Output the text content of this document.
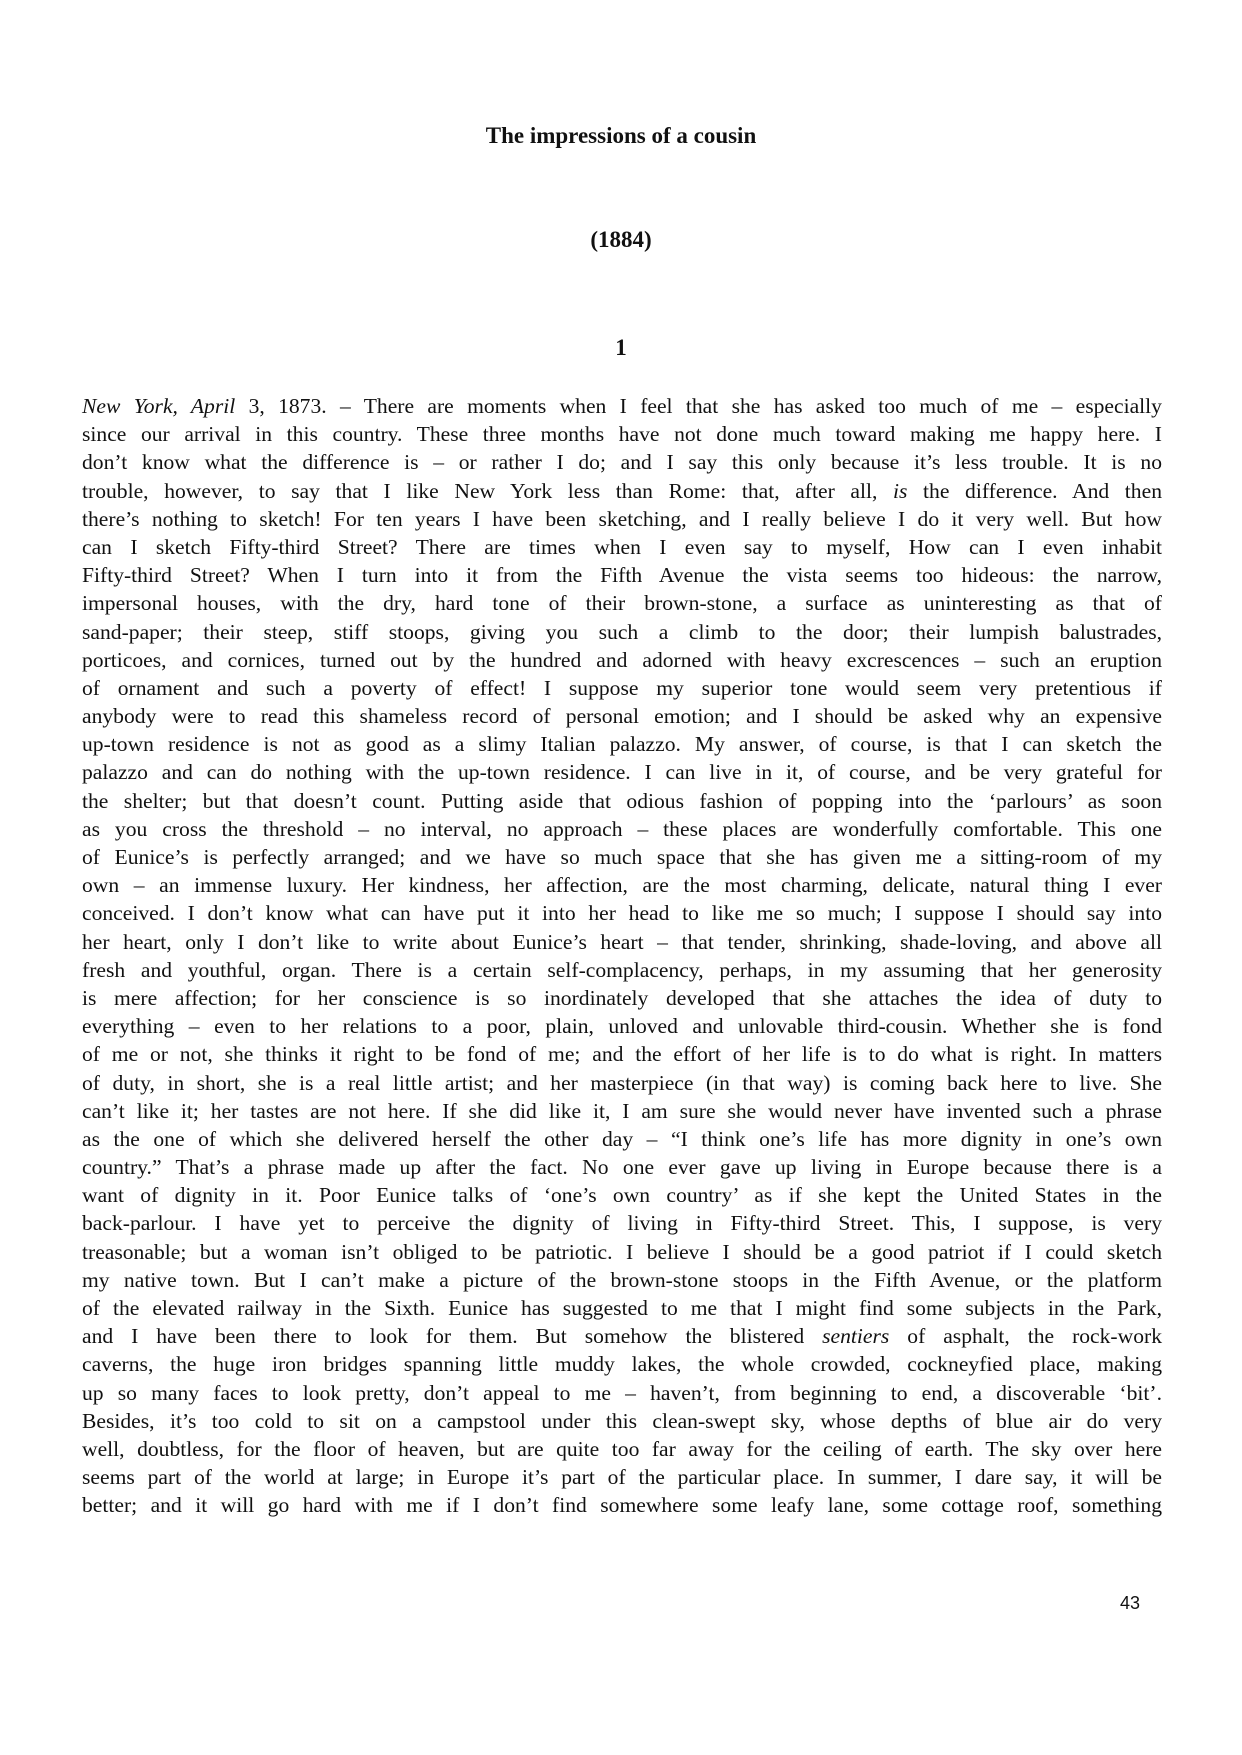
The impressions of a cousin
(1884)
1
New York, April 3, 1873. – There are moments when I feel that she has asked too much of me – especially
since our arrival in this country. These three months have not done much toward making me happy here. I
don’t know what the difference is – or rather I do; and I say this only because it’s less trouble. It is no
trouble, however, to say that I like New York less than Rome: that, after all, is the difference. And then
there’s nothing to sketch! For ten years I have been sketching, and I really believe I do it very well. But how
can I sketch Fifty-third Street? There are times when I even say to myself, How can I even inhabit
Fifty-third Street? When I turn into it from the Fifth Avenue the vista seems too hideous: the narrow,
impersonal houses, with the dry, hard tone of their brown-stone, a surface as uninteresting as that of
sand-paper; their steep, stiff stoops, giving you such a climb to the door; their lumpish balustrades,
porticoes, and cornices, turned out by the hundred and adorned with heavy excrescences – such an eruption
of ornament and such a poverty of effect! I suppose my superior tone would seem very pretentious if
anybody were to read this shameless record of personal emotion; and I should be asked why an expensive
up-town residence is not as good as a slimy Italian palazzo. My answer, of course, is that I can sketch the
palazzo and can do nothing with the up-town residence. I can live in it, of course, and be very grateful for
the shelter; but that doesn’t count. Putting aside that odious fashion of popping into the ‘parlours’ as soon
as you cross the threshold – no interval, no approach – these places are wonderfully comfortable. This one
of Eunice’s is perfectly arranged; and we have so much space that she has given me a sitting-room of my
own – an immense luxury. Her kindness, her affection, are the most charming, delicate, natural thing I ever
conceived. I don’t know what can have put it into her head to like me so much; I suppose I should say into
her heart, only I don’t like to write about Eunice’s heart – that tender, shrinking, shade-loving, and above all
fresh and youthful, organ. There is a certain self-complacency, perhaps, in my assuming that her generosity
is mere affection; for her conscience is so inordinately developed that she attaches the idea of duty to
everything – even to her relations to a poor, plain, unloved and unlovable third-cousin. Whether she is fond
of me or not, she thinks it right to be fond of me; and the effort of her life is to do what is right. In matters
of duty, in short, she is a real little artist; and her masterpiece (in that way) is coming back here to live. She
can’t like it; her tastes are not here. If she did like it, I am sure she would never have invented such a phrase
as the one of which she delivered herself the other day – “I think one’s life has more dignity in one’s own
country.” That’s a phrase made up after the fact. No one ever gave up living in Europe because there is a
want of dignity in it. Poor Eunice talks of ‘one’s own country’ as if she kept the United States in the
back-parlour. I have yet to perceive the dignity of living in Fifty-third Street. This, I suppose, is very
treasonable; but a woman isn’t obliged to be patriotic. I believe I should be a good patriot if I could sketch
my native town. But I can’t make a picture of the brown-stone stoops in the Fifth Avenue, or the platform
of the elevated railway in the Sixth. Eunice has suggested to me that I might find some subjects in the Park,
and I have been there to look for them. But somehow the blistered sentiers of asphalt, the rock-work
caverns, the huge iron bridges spanning little muddy lakes, the whole crowded, cockneyfied place, making
up so many faces to look pretty, don’t appeal to me – haven’t, from beginning to end, a discoverable ‘bit’.
Besides, it’s too cold to sit on a campstool under this clean-swept sky, whose depths of blue air do very
well, doubtless, for the floor of heaven, but are quite too far away for the ceiling of earth. The sky over here
seems part of the world at large; in Europe it’s part of the particular place. In summer, I dare say, it will be
better; and it will go hard with me if I don’t find somewhere some leafy lane, some cottage roof, something
43
